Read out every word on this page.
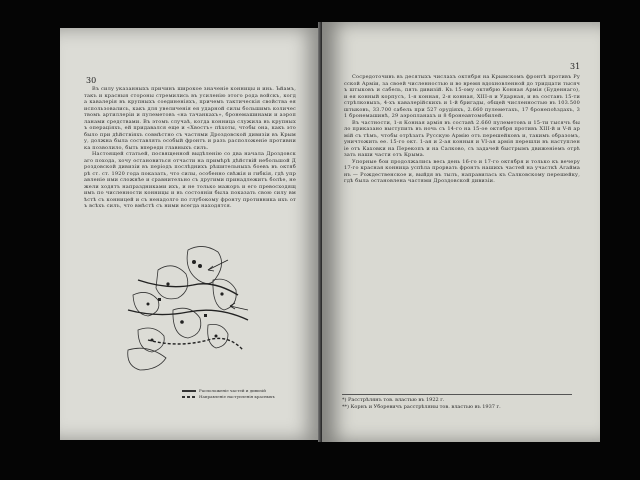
30

Въ силу указанныхъ причинъ широкое значеніе конницы и инь. Ъйамъ, такъ и красныя стороны стремились въ усиленію этого рода войскъ, когда кавалерія въ крупныхъ соединеніяхъ, причемъ тактическія свойства ея использовались, какъ для увеличенія ея ударной силы большимъ количествомъ артиллеріи и пулеметовъ «на тачанкахъ», бронемашинами и аэропланами средствами. Въ этомъ случаѣ, когда конница служила въ крупныхъ операціяхъ, ей придавался еще и «Хвостъ» пѣхоты, чтобы она, какъ это было при дѣйствіяхъ совмѣстно съ частями Дроздовской дивизіи въ Крыму, должна была составлять особый фронтъ и разъ расположеніе противника позволило, быть впереди главныхъ силъ.

Настоящей статьей, посвященной выдѣленію со два начала Дроздовскаго похода, хочу остановиться отчасти на примѣрѣ дѣйствій небольшой Дроздовской дивизіи въ періодъ послѣднихъ рѣшительныхъ боевъ въ октябрѣ ст. ст. 1920 года показать, что силы, особенно свѣжія и гибкія, гдѣ управленіе ими сложнѣе и сравнительно съ другими принадлежитъ болѣе, нежели ходятъ напраздниками ихъ, и не только мажоръ и его превосходящимъ по численности конницы и въ состояніи была показать свою силу вмѣстѣ съ конницей и съ ненадолго по глубокому фронту противника ихъ отъ всѣхъ силъ, что вмѣстѣ съ ними всегда находятся.

Расположеніе частей и дивизій
Направленіе наступленія красныхъ
31

Сосредоточивъ въ десятыхъ числахъ октября на Крымскомъ фронтѣ противъ Русской Арміи, за своей численностью и во время вдохновленной до тридцати тысячъ штыковъ и сабель, пять дивизій. Къ 15-ому октябрю Конная Армія (Буденнаго), и ея конный корпусъ, 1-я конная, 2-я конная, XIII-я и Ударная, и въ составъ 15-ти стрѣлковыхъ, 4-хъ кавалерійскихъ и 1-й бригады, общей численностью въ 103.500 штыковъ, 33.700 сабель при 527 орудіяхъ, 2.660 пулеметахъ, 17 бронепоѣздахъ, 31 бронемашинѣ, 29 аэропланахъ и 8 бронеавтомобилей.

Въ частности, 1-я Конная армія въ составѣ 2.660 пулеметовъ и 15-ти тысячъ было приказано выступить въ ночь съ 14-го на 15-ое октября противъ XIII-й и V-й армій съ тѣмъ, чтобы отрѣзать Русскую Армію отъ перешейковъ и, такимъ образомъ, уничтожить ее. 15-го окт. 1-ая и 2-ая конныя и VI-ая армія перешли въ наступленіе отъ Каховки на Перекопъ и на Салково, съ задачей быстрымъ движеніемъ отрѣзать наши части отъ Крыма.

Упорные бои продолжались весь день 16-го и 17-го октября и только къ вечеру 17-го красная конница успѣла прорвать фронтъ нашихъ частей на участкѣ Агайманъ — Рождественское и, выйдя въ тылъ, направилась къ Салковскому перешейку, гдѣ была остановлена частями Дроздовской дивизіи.

*) Расстрѣлянъ тов. властью въ 1922 г.
**) Корнъ и Уборевичъ расстрѣляны тов. властью въ 1937 г.
